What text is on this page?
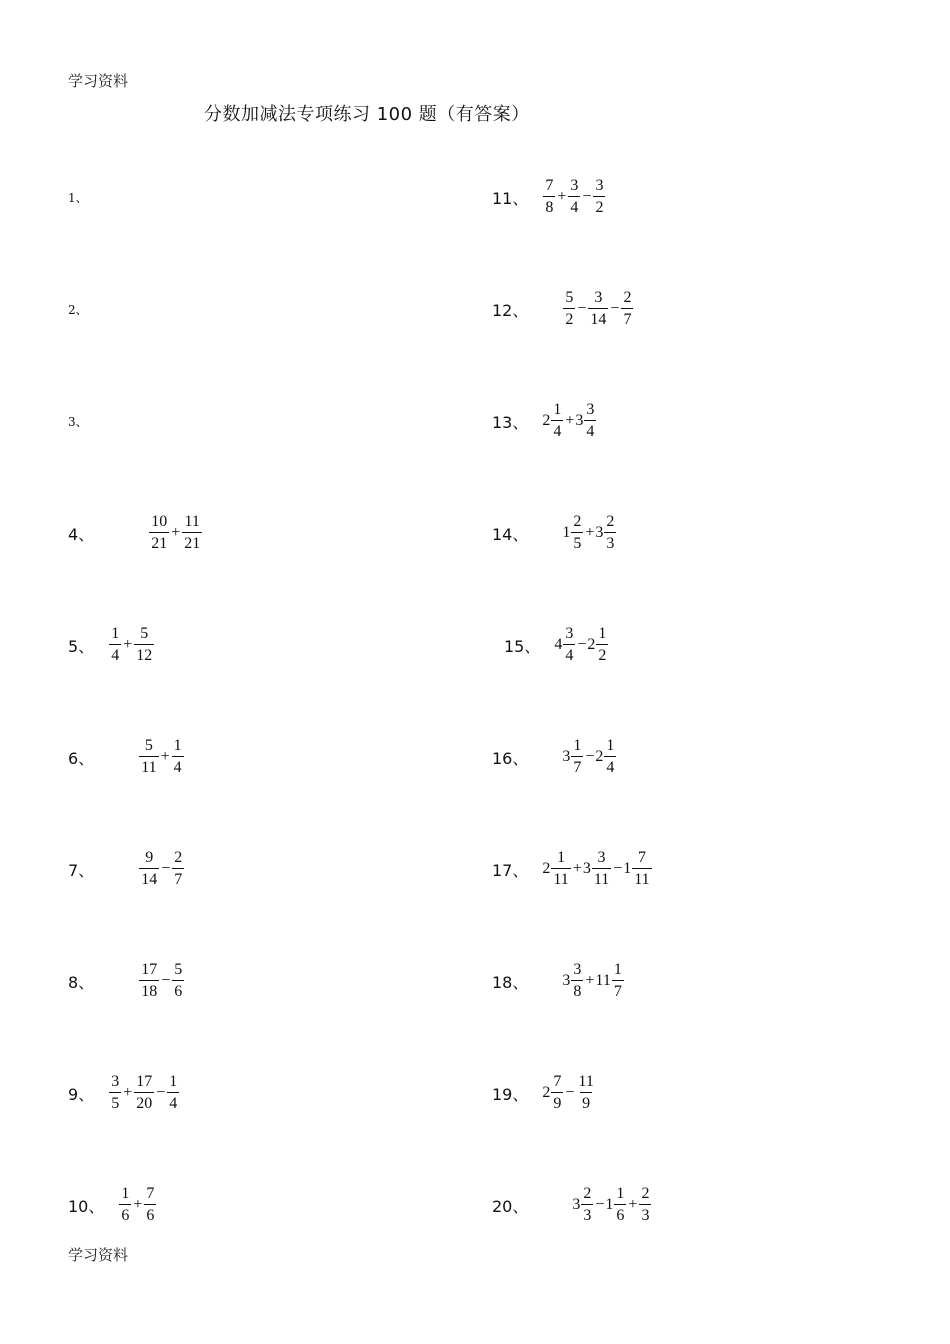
学习资料
分数加减法专项练习 100 题（有答案）
1、
2、
3、
4、	$\frac{10}{21} + \frac{11}{21}$
5、 $\frac{1}{4} + \frac{5}{12}$
6、	$\frac{5}{11} + \frac{1}{4}$
7、	$\frac{9}{14} - \frac{2}{7}$
8、	$\frac{17}{18} - \frac{5}{6}$
9、 $\frac{3}{5} + \frac{17}{20} - \frac{1}{4}$
10、 $\frac{1}{6} + \frac{7}{6}$
11、 $\frac{7}{8} + \frac{3}{4} - \frac{3}{2}$
12、 $\frac{5}{2} - \frac{3}{14} - \frac{2}{7}$
13、 $2 \frac{1}{4} + 3 \frac{3}{4}$
14、 $1 \frac{2}{5} + 3 \frac{2}{3}$
15、 $4 \frac{3}{4} - 2 \frac{1}{2}$
16、 $3 \frac{1}{7} - 2 \frac{1}{4}$
17、 $2 \frac{1}{11} + 3 \frac{3}{11} - 1 \frac{7}{11}$
18、 $3 \frac{3}{8} + 11 \frac{1}{7}$
19、 $2 \frac{7}{9} - \frac{11}{9}$
20、	$3 \frac{2}{3} - 1 \frac{1}{6} + \frac{2}{3}$
学习资料
